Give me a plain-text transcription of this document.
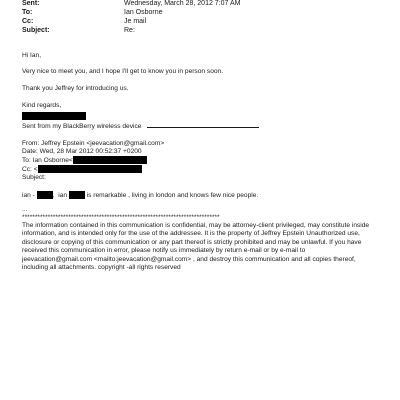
Sent:	Wednesday, March 28, 2012 7:07 AM
To:	Ian Osborne
Cc:	Je mail
Subject:	Re:
Hi Ian,
Very nice to meet you, and I hope I'll get to know you in person soon.
Thank you Jeffrey for introducing us.
Kind regards,
Sent from my BlackBerry wireless device
From: Jeffrey Epstein <jeevacation@gmail.com>
Date: Wed, 28 Mar 2012 00:52:37 +0200
To: Ian Osborne<
Cc: <
Subject:
ian -	, ian	is remarkable , living in london and knows few nice people.
...
*****************************************************************************
The information contained in this communication is confidential, may be attorney-client privileged, may constitute inside information, and is intended only for the use of the addressee. It is the property of Jeffrey Epstein Unauthorized use, disclosure or copying of this communication or any part thereof is strictly prohibited and may be unlawful. If you have received this communication in error, please notify us immediately by return e-mail or by e-mail to jeevacation@gmail.com <mailto:jeevacation@gmail.com> , and destroy this communication and all copies thereof, including all attachments. copyright -all rights reserved
